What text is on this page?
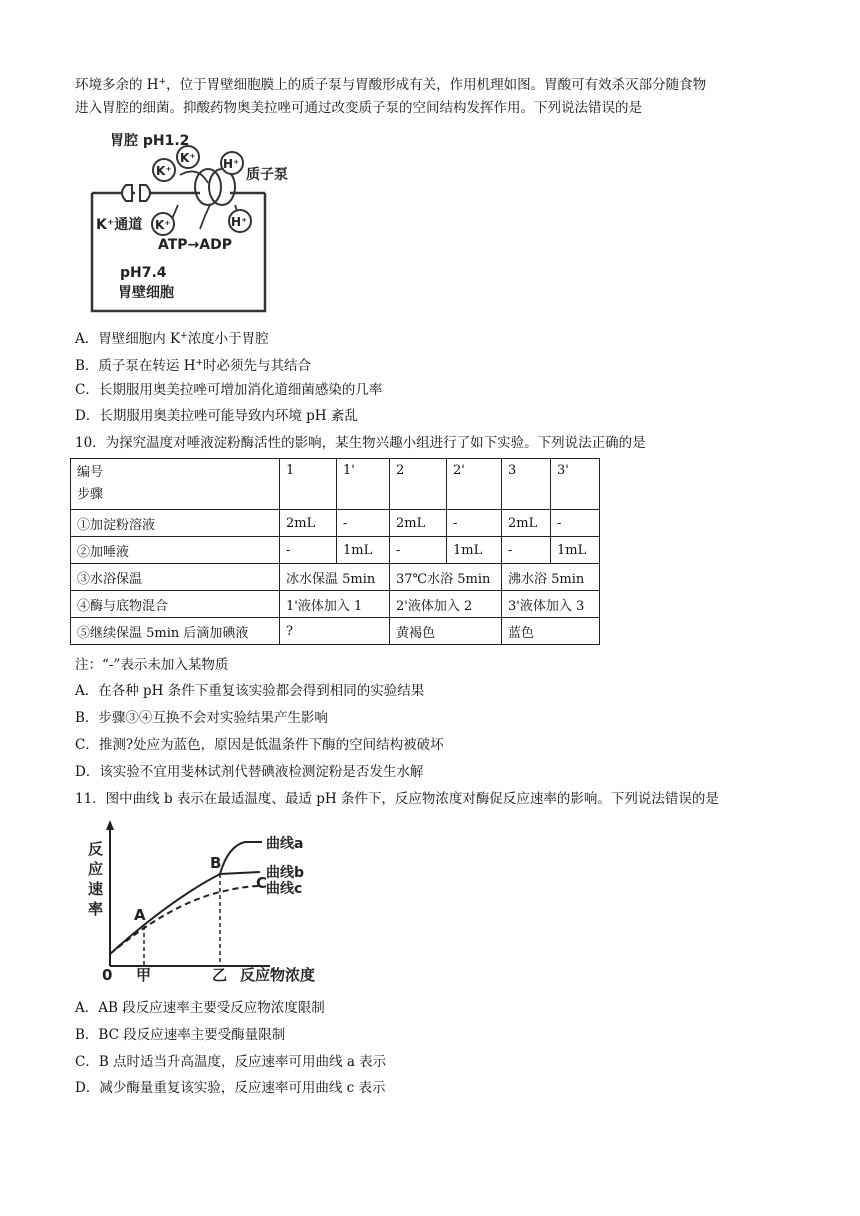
环境多余的 H+，位于胃壁细胞膜上的质子泵与胃酸形成有关，作用机理如图。胃酸可有效杀灭部分随食物
进入胃腔的细菌。抑酸药物奥美拉唑可通过改变质子泵的空间结构发挥作用。下列说法错误的是
K⁺
K⁺ H⁺
K⁺	H⁺
胃腔 pH1.2
质子泵
K⁺通道
ATP→ADP
pH7.4
胃壁细胞
A．胃壁细胞内 K+浓度小于胃腔
B．质子泵在转运 H+时必须先与其结合
C．长期服用奥美拉唑可增加消化道细菌感染的几率
D．长期服用奥美拉唑可能导致内环境 pH 紊乱
10．为探究温度对唾液淀粉酶活性的影响，某生物兴趣小组进行了如下实验。下列说法正确的是
编号
步骤	1	1'	2	2'	3	3'
①加淀粉溶液	2mL	-	2mL	-	2mL	-
②加唾液	-	1mL	-	1mL	-	1mL
③水浴保温	冰水保温 5min		37℃水浴 5min		沸水浴 5min	
④酶与底物混合	1'液体加入 1		2'液体加入 2		3'液体加入 3	
⑤继续保温 5min 后滴加碘液	?		黄褐色		蓝色	
注：“-”表示未加入某物质
A．在各种 pH 条件下重复该实验都会得到相同的实验结果
B．步骤③④互换不会对实验结果产生影响
C．推测?处应为蓝色，原因是低温条件下酶的空间结构被破坏
D．该实验不宜用斐林试剂代替碘液检测淀粉是否发生水解
11．图中曲线 b 表示在最适温度、最适 pH 条件下，反应物浓度对酶促反应速率的影响。下列说法错误的是
A
B
C
曲线a
曲线b
曲线c
反
应
速
率
0 甲	乙 反应物浓度
A．AB 段反应速率主要受反应物浓度限制
B．BC 段反应速率主要受酶量限制
C．B 点时适当升高温度，反应速率可用曲线 a 表示
D．减少酶量重复该实验，反应速率可用曲线 c 表示
